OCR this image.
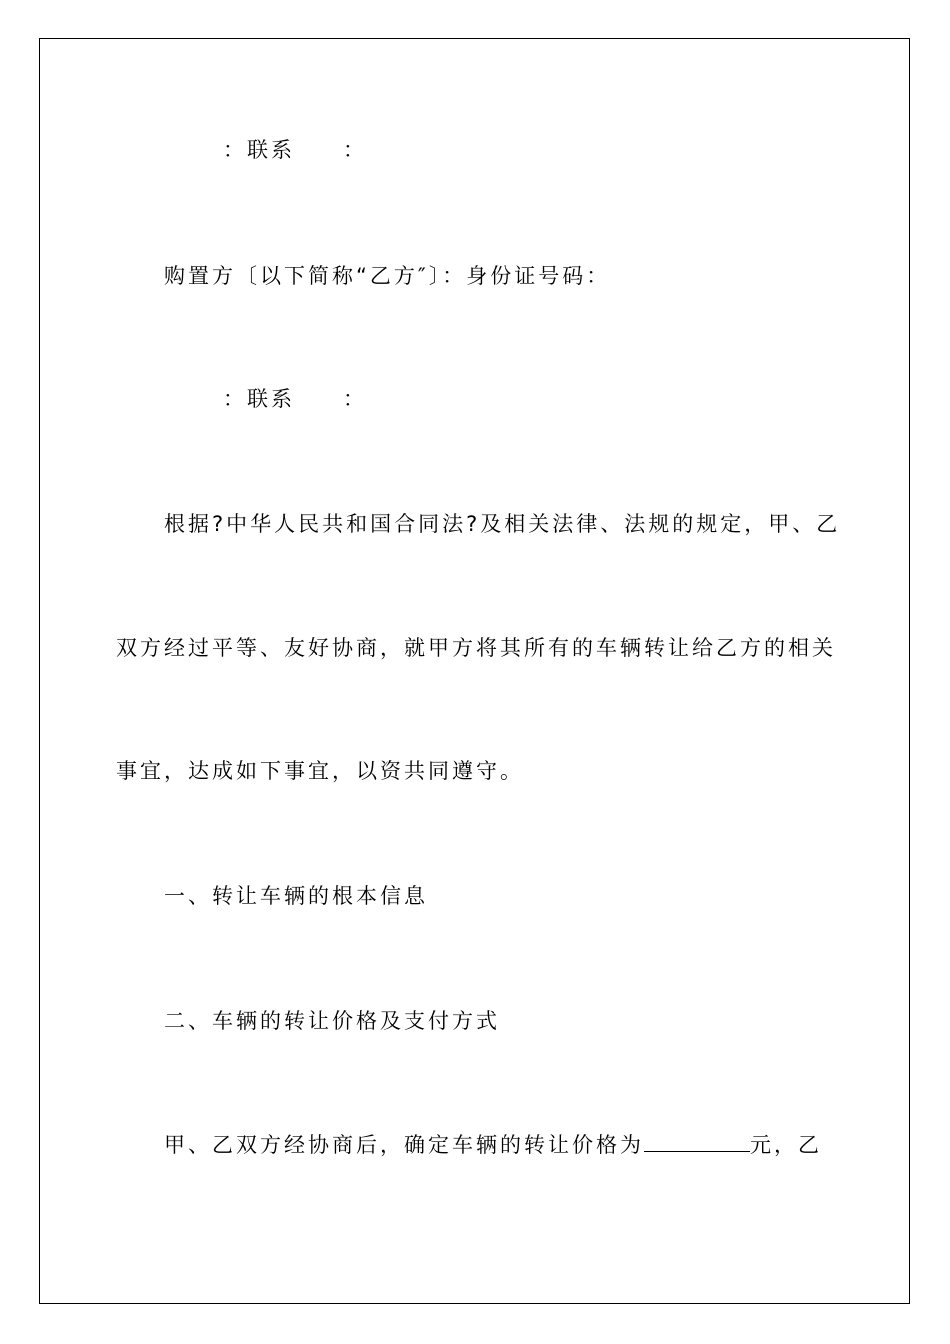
：联系　　：
购置方〔以下简称“乙方″〕：身份证号码：
：联系　　：
根据?中华人民共和国合同法?及相关法律、法规的规定，甲、乙
双方经过平等、友好协商，就甲方将其所有的车辆转让给乙方的相关
事宜，达成如下事宜，以资共同遵守。
一、转让车辆的根本信息
二、车辆的转让价格及支付方式
甲、乙双方经协商后，确定车辆的转让价格为	元，乙
